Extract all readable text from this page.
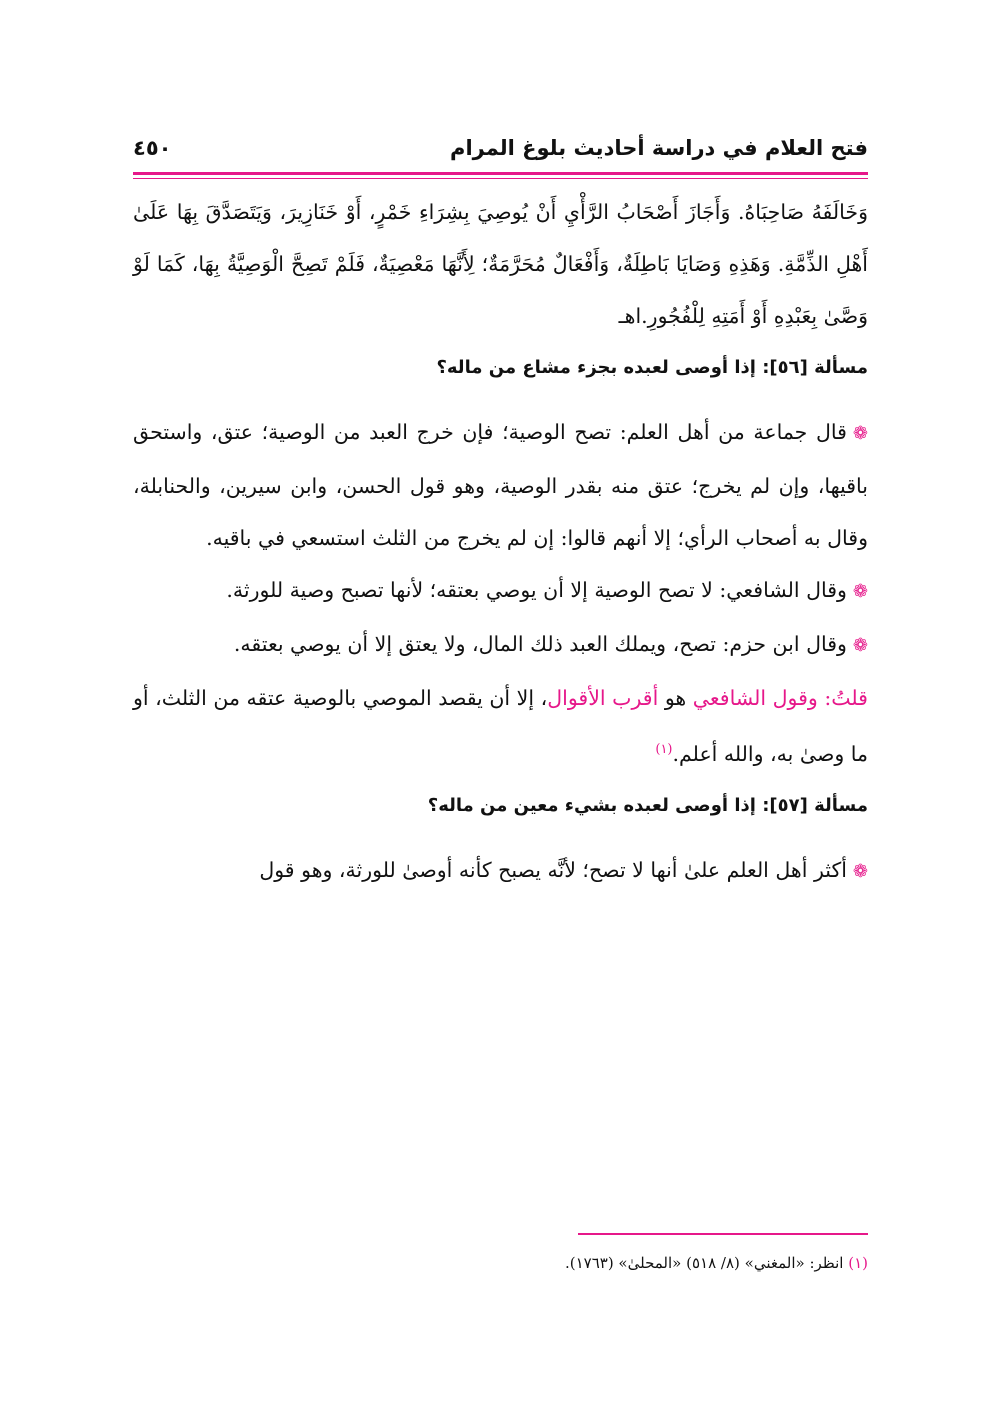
فتح العلام في دراسة أحاديث بلوغ المرام
٤٥٠

وَخَالَفَهُ صَاحِبَاهُ. وَأَجَازَ أَصْحَابُ الرَّأْيِ أَنْ يُوصِيَ بِشِرَاءِ خَمْرٍ، أَوْ خَنَازِيرَ، وَيَتَصَدَّقَ بِهَا عَلَىٰ أَهْلِ الذِّمَّةِ. وَهَذِهِ وَصَايَا بَاطِلَةٌ، وَأَفْعَالٌ مُحَرَّمَةٌ؛ لِأَنَّهَا مَعْصِيَةٌ، فَلَمْ تَصِحَّ الْوَصِيَّةُ بِهَا، كَمَا لَوْ وَصَّىٰ بِعَبْدِهِ أَوْ أَمَتِهِ لِلْفُجُورِ.اهـ

مسألة [٥٦]: إذا أوصى لعبده بجزء مشاع من ماله؟

❁قال جماعة من أهل العلم: تصح الوصية؛ فإن خرج العبد من الوصية؛ عتق، واستحق باقيها، وإن لم يخرج؛ عتق منه بقدر الوصية، وهو قول الحسن، وابن سيرين، والحنابلة، وقال به أصحاب الرأي؛ إلا أنهم قالوا: إن لم يخرج من الثلث استسعي في باقيه.

❁وقال الشافعي: لا تصح الوصية إلا أن يوصي بعتقه؛ لأنها تصبح وصية للورثة.

❁وقال ابن حزم: تصح، ويملك العبد ذلك المال، ولا يعتق إلا أن يوصي بعتقه.

قلتُ: وقول الشافعي هو أقرب الأقوال، إلا أن يقصد الموصي بالوصية عتقه من الثلث، أو ما وصىٰ به، والله أعلم.$^{(١)}$

مسألة [٥٧]: إذا أوصى لعبده بشيء معين من ماله؟

❁أكثر أهل العلم علىٰ أنها لا تصح؛ لأنَّه يصبح كأنه أوصىٰ للورثة، وهو قول

(١) انظر: «المغني» (٨/ ٥١٨) «المحلىٰ» (١٧٦٣).
